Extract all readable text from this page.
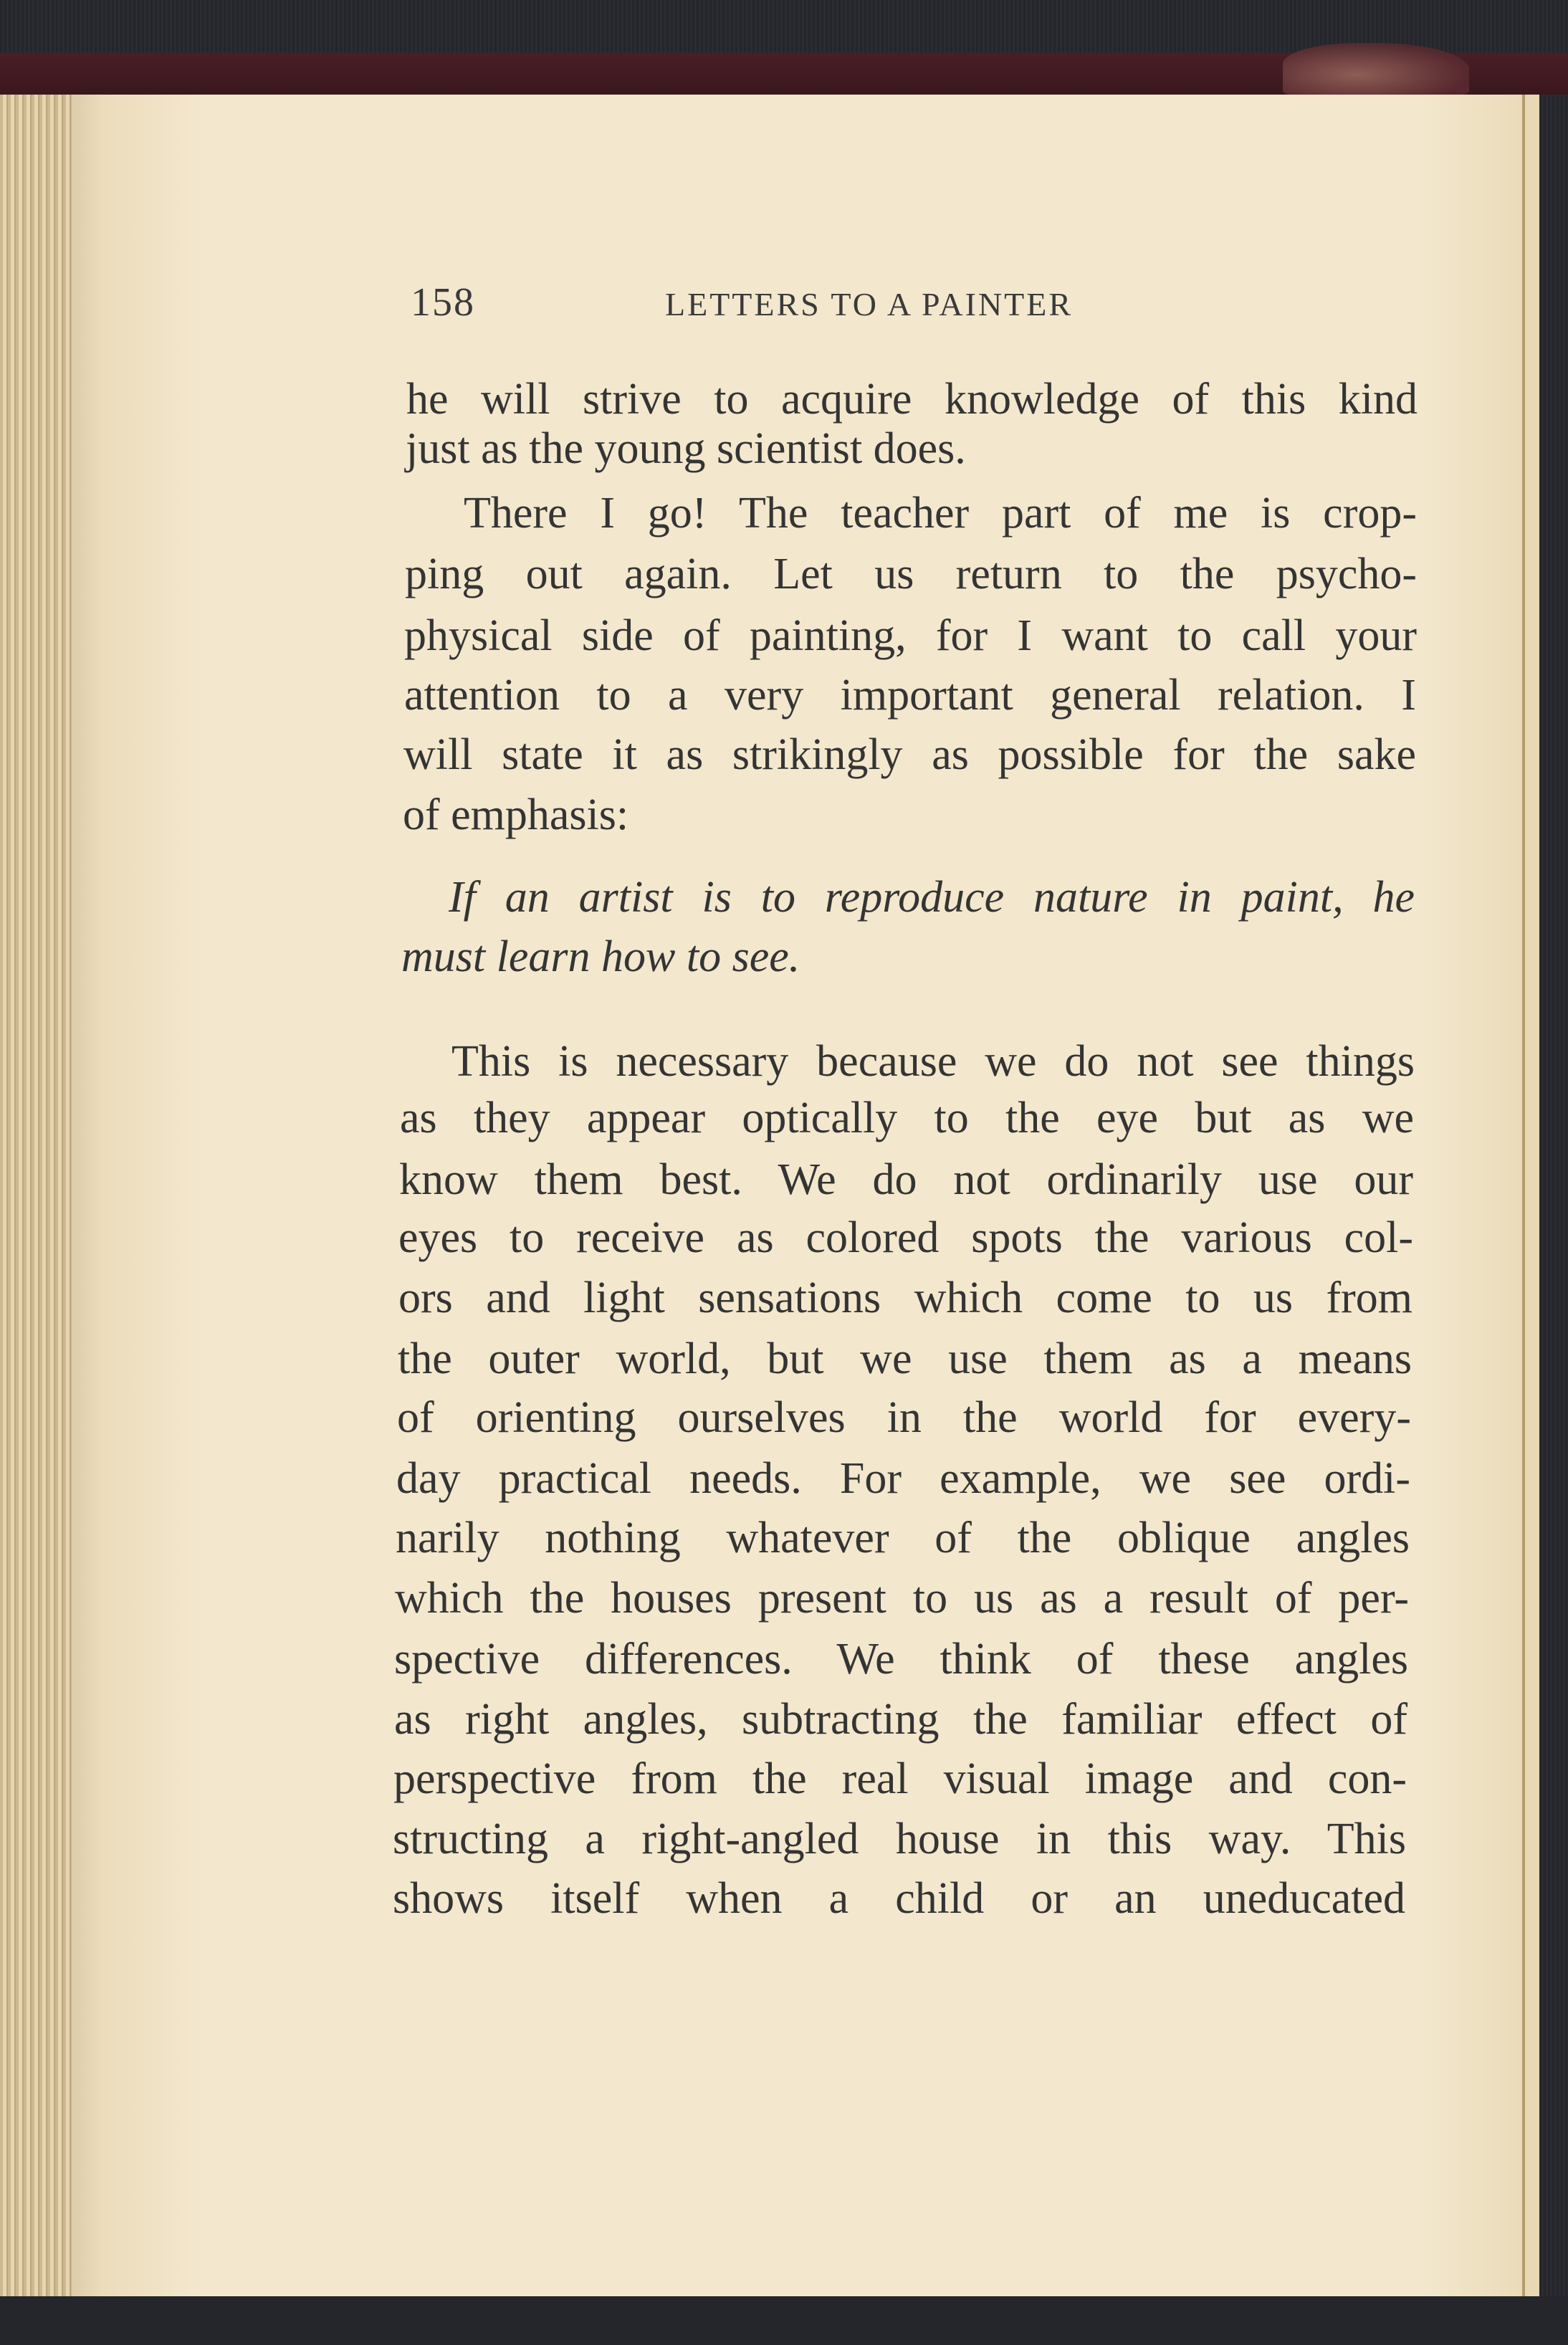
158	LETTERS TO A PAINTER
he will strive to acquire knowledge of this kind
just as the young scientist does.
There I go! The teacher part of me is crop-
ping out again. Let us return to the psycho-
physical side of painting, for I want to call your
attention to a very important general relation. I
will state it as strikingly as possible for the sake
of emphasis:
If an artist is to reproduce nature in paint, he
must learn how to see.
This is necessary because we do not see things
as they appear optically to the eye but as we
know them best. We do not ordinarily use our
eyes to receive as colored spots the various col-
ors and light sensations which come to us from
the outer world, but we use them as a means
of orienting ourselves in the world for every-
day practical needs. For example, we see ordi-
narily nothing whatever of the oblique angles
which the houses present to us as a result of per-
spective differences. We think of these angles
as right angles, subtracting the familiar effect of
perspective from the real visual image and con-
structing a right-angled house in this way. This
shows itself when a child or an uneducated
